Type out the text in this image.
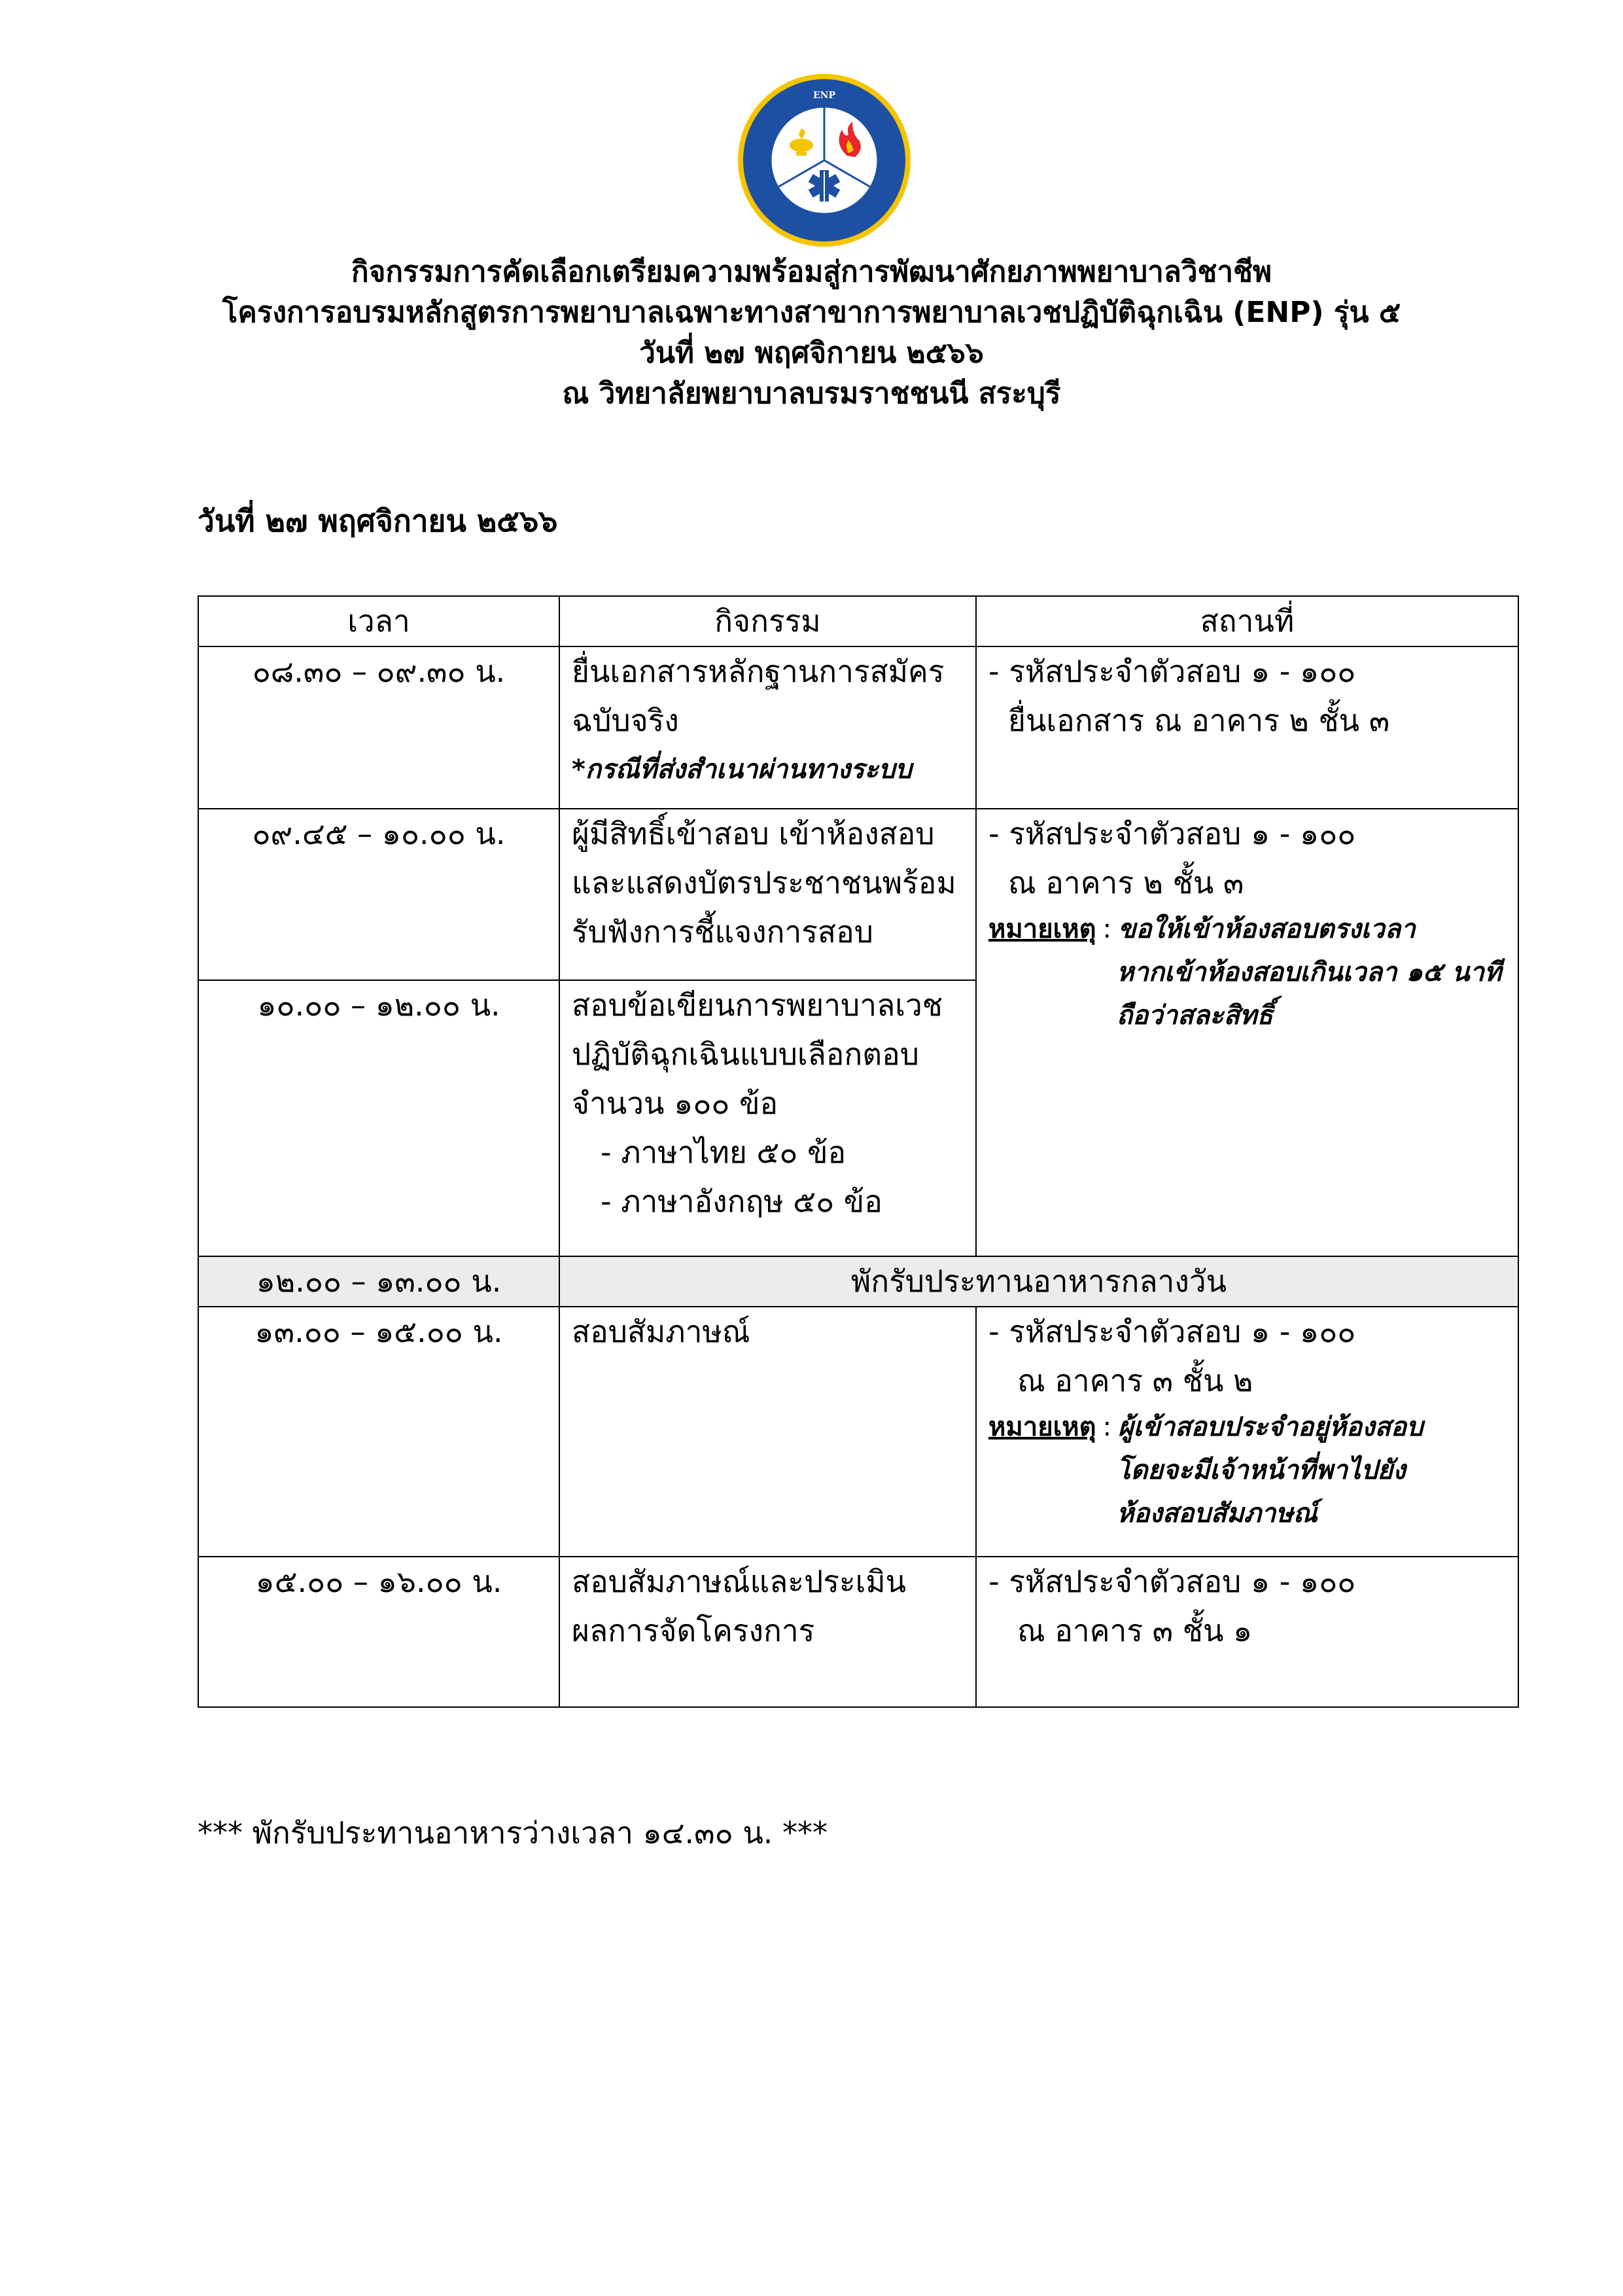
ENP
กิจกรรมการคัดเลือกเตรียมความพร้อมสู่การพัฒนาศักยภาพพยาบาลวิชาชีพ
โครงการอบรมหลักสูตรการพยาบาลเฉพาะทางสาขาการพยาบาลเวชปฏิบัติฉุกเฉิน (ENP) รุ่น ๕
วันที่ ๒๗ พฤศจิกายน ๒๕๖๖
ณ วิทยาลัยพยาบาลบรมราชชนนี สระบุรี
วันที่ ๒๗ พฤศจิกายน ๒๕๖๖
เวลา	กิจกรรม	สถานที่
๐๘.๓๐ – ๐๙.๓๐ น.	ยื่นเอกสารหลักฐานการสมัคร
ฉบับจริง
*กรณีที่ส่งสำเนาผ่านทางระบบ	- รหัสประจำตัวสอบ ๑ - ๑๐๐
ยื่นเอกสาร ณ อาคาร ๒ ชั้น ๓

๐๙.๔๕ – ๑๐.๐๐ น.	ผู้มีสิทธิ์เข้าสอบ เข้าห้องสอบ
และแสดงบัตรประชาชนพร้อม
รับฟังการชี้แจงการสอบ	- รหัสประจำตัวสอบ ๑ - ๑๐๐
ณ อาคาร ๒ ชั้น ๓
หมายเหตุ : ขอให้เข้าห้องสอบตรงเวลา
หากเข้าห้องสอบเกินเวลา ๑๕ นาที
ถือว่าสละสิทธิ์

๑๐.๐๐ – ๑๒.๐๐ น.	สอบข้อเขียนการพยาบาลเวช
ปฏิบัติฉุกเฉินแบบเลือกตอบ
จำนวน ๑๐๐ ข้อ
- ภาษาไทย ๕๐ ข้อ
- ภาษาอังกฤษ ๕๐ ข้อ	

๑๒.๐๐ – ๑๓.๐๐ น.	พักรับประทานอาหารกลางวัน	
๑๓.๐๐ – ๑๕.๐๐ น.	สอบสัมภาษณ์	- รหัสประจำตัวสอบ ๑ - ๑๐๐
ณ อาคาร ๓ ชั้น ๒
หมายเหตุ : ผู้เข้าสอบประจำอยู่ห้องสอบ
โดยจะมีเจ้าหน้าที่พาไปยัง
ห้องสอบสัมภาษณ์

๑๕.๐๐ – ๑๖.๐๐ น.	สอบสัมภาษณ์และประเมิน
ผลการจัดโครงการ	- รหัสประจำตัวสอบ ๑ - ๑๐๐
ณ อาคาร ๓ ชั้น ๑
*** พักรับประทานอาหารว่างเวลา ๑๔.๓๐ น. ***
